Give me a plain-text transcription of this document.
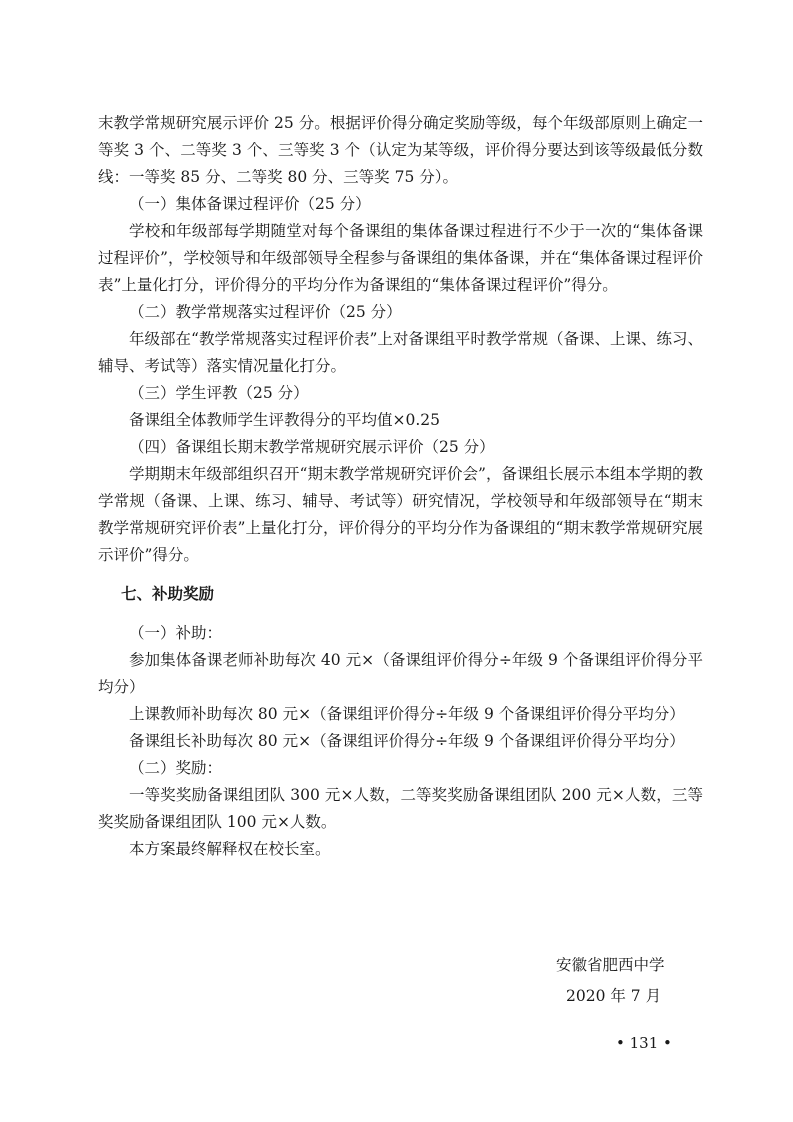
末教学常规研究展示评价 25 分。根据评价得分确定奖励等级，每个年级部原则上确定一等奖 3 个、二等奖 3 个、三等奖 3 个（认定为某等级，评价得分要达到该等级最低分数线：一等奖 85 分、二等奖 80 分、三等奖 75 分）。

（一）集体备课过程评价（25 分）

学校和年级部每学期随堂对每个备课组的集体备课过程进行不少于一次的“集体备课过程评价”，学校领导和年级部领导全程参与备课组的集体备课，并在“集体备课过程评价表”上量化打分，评价得分的平均分作为备课组的“集体备课过程评价”得分。

（二）教学常规落实过程评价（25 分）

年级部在“教学常规落实过程评价表”上对备课组平时教学常规（备课、上课、练习、辅导、考试等）落实情况量化打分。

（三）学生评教（25 分）

备课组全体教师学生评教得分的平均值×0.25

（四）备课组长期末教学常规研究展示评价（25 分）

学期期末年级部组织召开“期末教学常规研究评价会”，备课组长展示本组本学期的教学常规（备课、上课、练习、辅导、考试等）研究情况，学校领导和年级部领导在“期末教学常规研究评价表”上量化打分，评价得分的平均分作为备课组的“期末教学常规研究展示评价”得分。

七、补助奖励

（一）补助：

参加集体备课老师补助每次 40 元×（备课组评价得分÷年级 9 个备课组评价得分平均分）

上课教师补助每次 80 元×（备课组评价得分÷年级 9 个备课组评价得分平均分）

备课组长补助每次 80 元×（备课组评价得分÷年级 9 个备课组评价得分平均分）

（二）奖励：

一等奖奖励备课组团队 300 元×人数，二等奖奖励备课组团队 200 元×人数，三等奖奖励备课组团队 100 元×人数。

本方案最终解释权在校长室。

安徽省肥西中学
2020 年 7 月
• 131 •
